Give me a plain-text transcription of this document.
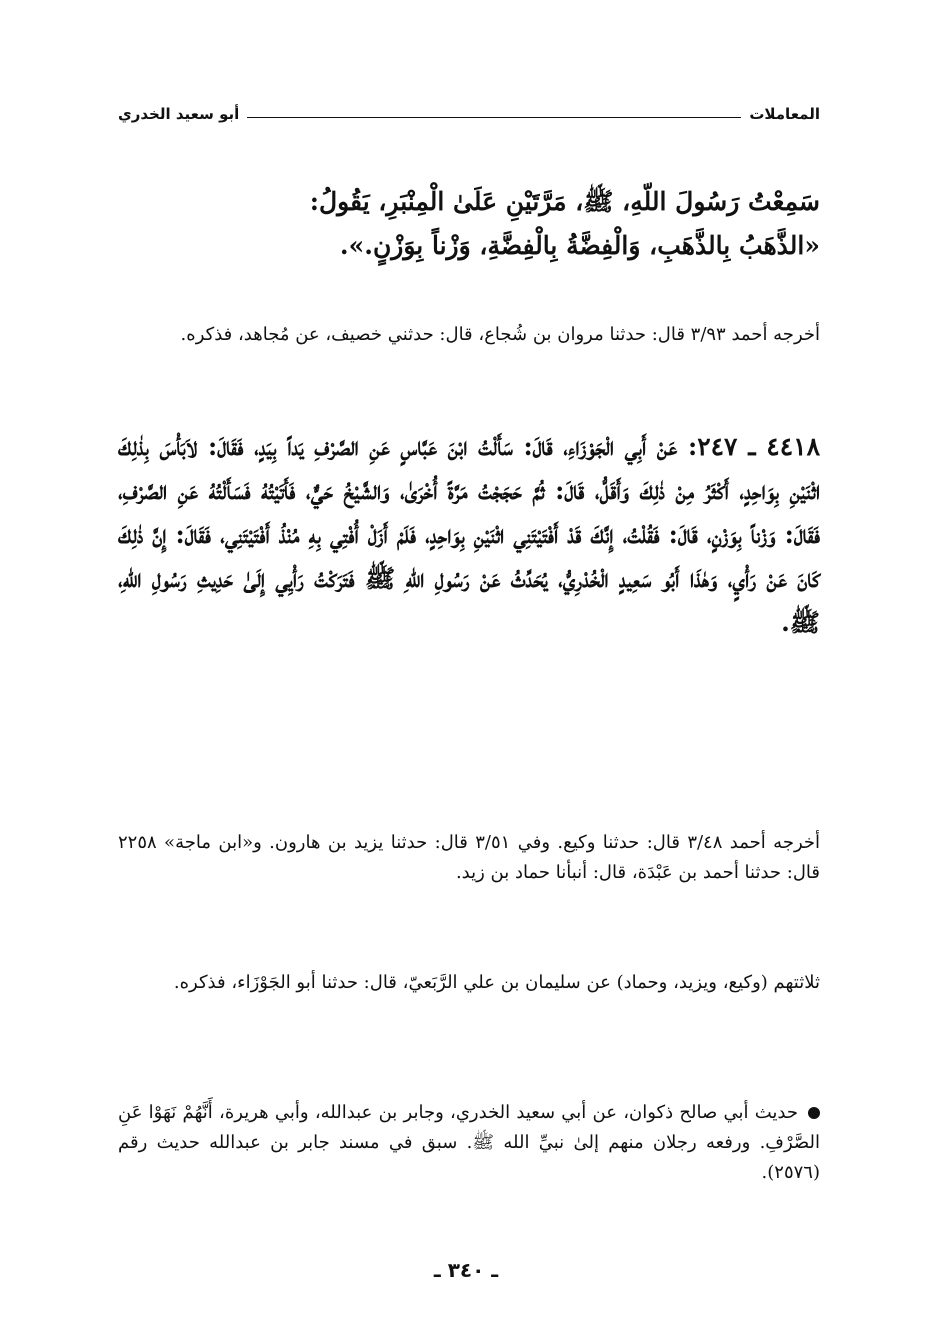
المعاملات
أبو سعيد الخدري
سَمِعْتُ رَسُولَ اللّهِ، ﷺ، مَرَّتَيْنِ عَلَىٰ الْمِنْبَرِ، يَقُولُ:
«الذَّهَبُ بِالذَّهَبِ، وَالْفِضَّةُ بِالْفِضَّةِ، وَزْناً بِوَزْنٍ.».

أخرجه أحمد ٣/٩٣ قال: حدثنا مروان بن شُجاع، قال: حدثني خصيف، عن مُجاهد، فذكره.

٤٤١٨ ـ ٢٤٧: عَنْ أَبِي الْجَوْزَاءِ، قَالَ: سَأَلْتُ ابْنَ عَبَّاسٍ عَنِ الصَّرْفِ يَداً بِيَدٍ، فَقَالَ: لاَبَأْسَ بِذٰلِكَ اثْنَيْنِ بِوَاحِدٍ، أَكْثَرُ مِنْ ذٰلِكَ وَأَقَلُّ، قَالَ: ثُمَّ حَجَجْتُ مَرَّةً أُخْرَىٰ، وَالشَّيْخُ حَيٌّ، فَأَتَيْتُهُ فَسَأَلْتُهُ عَنِ الصَّرْفِ، فَقَالَ: وَزْناً بِوَزْنٍ، قَالَ: فَقُلْتُ، إِنَّكَ قَدْ أَفْتَيْتَنِي اثْنَيْنِ بِوَاحِدٍ، فَلَمْ أَزَلْ أُفْتِي بِهِ مُنْذُ أَفْتَيْتَنِي، فَقَالَ: إِنَّ ذٰلِكَ كَانَ عَنْ رَأْيٍ، وَهٰذَا أَبُو سَعِيدٍ الْخُدْرِيُّ، يُحَدِّثُ عَنْ رَسُولِ اللّهِ ﷺ فَتَرَكْتُ رَأْيِي إِلَىٰ حَدِيثِ رَسُولِ اللّهِ، ﷺ.

أخرجه أحمد ٣/٤٨ قال: حدثنا وكيع. وفي ٣/٥١ قال: حدثنا يزيد بن هارون. و«ابن ماجة» ٢٢٥٨ قال: حدثنا أحمد بن عَبْدَة، قال: أنبأنا حماد بن زيد.

ثلاثتهم (وكيع، ويزيد، وحماد) عن سليمان بن علي الرَّبَعيّ، قال: حدثنا أبو الجَوْزَاء، فذكره.

حديث أبي صالح ذكوان، عن أبي سعيد الخدري، وجابر بن عبدالله، وأبي هريرة، أَنَّهُمْ نَهَوْا عَنِ الصَّرْفِ. ورفعه رجلان منهم إلىٰ نبيِّ الله ﷺ. سبق في مسند جابر بن عبدالله حديث رقم (٢٥٧٦).

ـ ٣٤٠ ـ
